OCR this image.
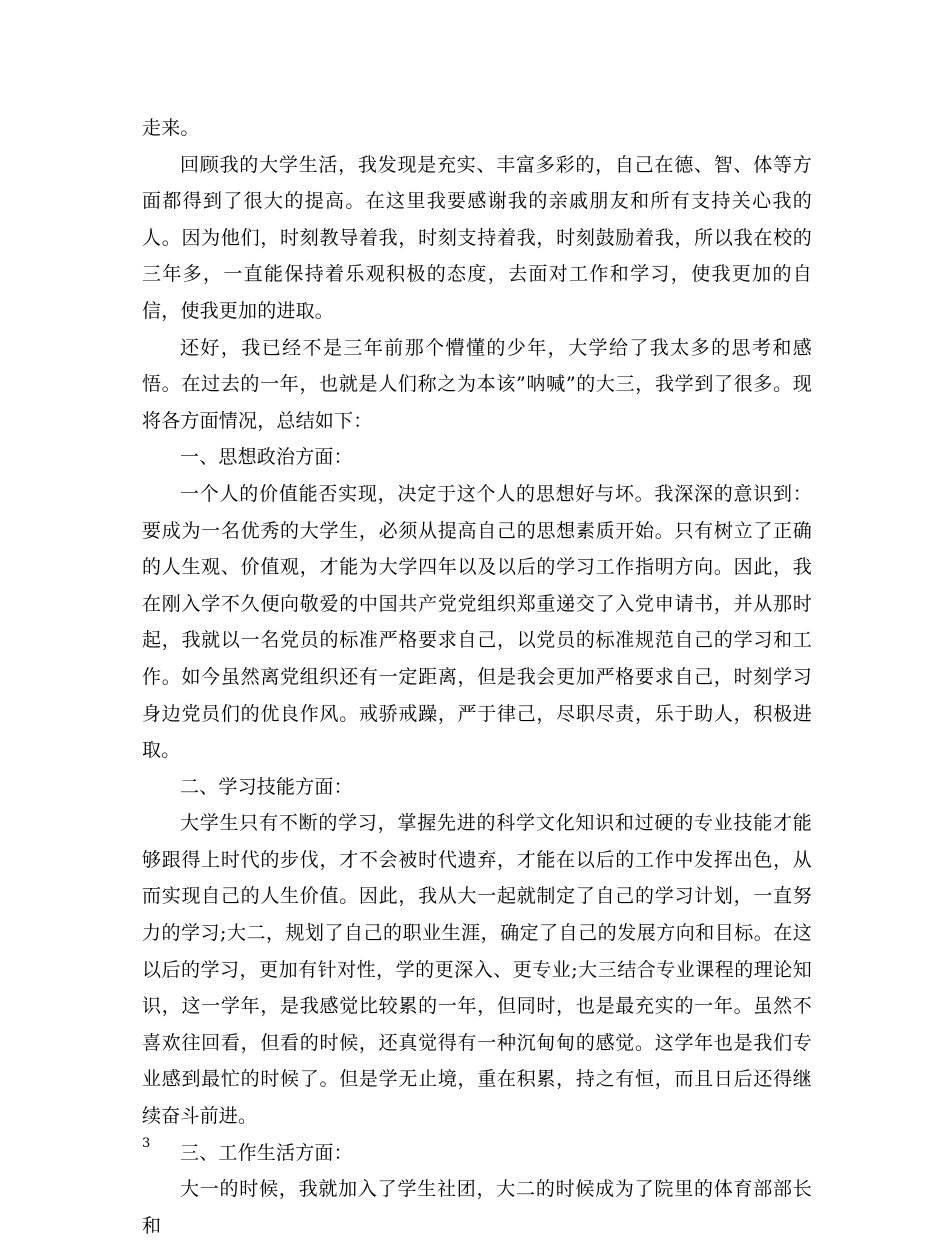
走来。

回顾我的大学生活，我发现是充实、丰富多彩的，自己在德、智、体等方面都得到了很大的提高。在这里我要感谢我的亲戚朋友和所有支持关心我的人。因为他们，时刻教导着我，时刻支持着我，时刻鼓励着我，所以我在校的三年多，一直能保持着乐观积极的态度，去面对工作和学习，使我更加的自信，使我更加的进取。

还好，我已经不是三年前那个懵懂的少年，大学给了我太多的思考和感悟。在过去的一年，也就是人们称之为本该”呐喊”的大三，我学到了很多。现将各方面情况，总结如下：

一、思想政治方面：

一个人的价值能否实现，决定于这个人的思想好与坏。我深深的意识到：要成为一名优秀的大学生，必须从提高自己的思想素质开始。只有树立了正确的人生观、价值观，才能为大学四年以及以后的学习工作指明方向。因此，我在刚入学不久便向敬爱的中国共产党党组织郑重递交了入党申请书，并从那时起，我就以一名党员的标准严格要求自己，以党员的标准规范自己的学习和工作。如今虽然离党组织还有一定距离，但是我会更加严格要求自己，时刻学习身边党员们的优良作风。戒骄戒躁，严于律己，尽职尽责，乐于助人，积极进取。

二、学习技能方面：

大学生只有不断的学习，掌握先进的科学文化知识和过硬的专业技能才能够跟得上时代的步伐，才不会被时代遗弃，才能在以后的工作中发挥出色，从而实现自己的人生价值。因此，我从大一起就制定了自己的学习计划，一直努力的学习;大二，规划了自己的职业生涯，确定了自己的发展方向和目标。在这以后的学习，更加有针对性，学的更深入、更专业;大三结合专业课程的理论知识，这一学年，是我感觉比较累的一年，但同时，也是最充实的一年。虽然不喜欢往回看，但看的时候，还真觉得有一种沉甸甸的感觉。这学年也是我们专业感到最忙的时候了。但是学无止境，重在积累，持之有恒，而且日后还得继续奋斗前进。

三、工作生活方面：

大一的时候，我就加入了学生社团，大二的时候成为了院里的体育部部长和

3
